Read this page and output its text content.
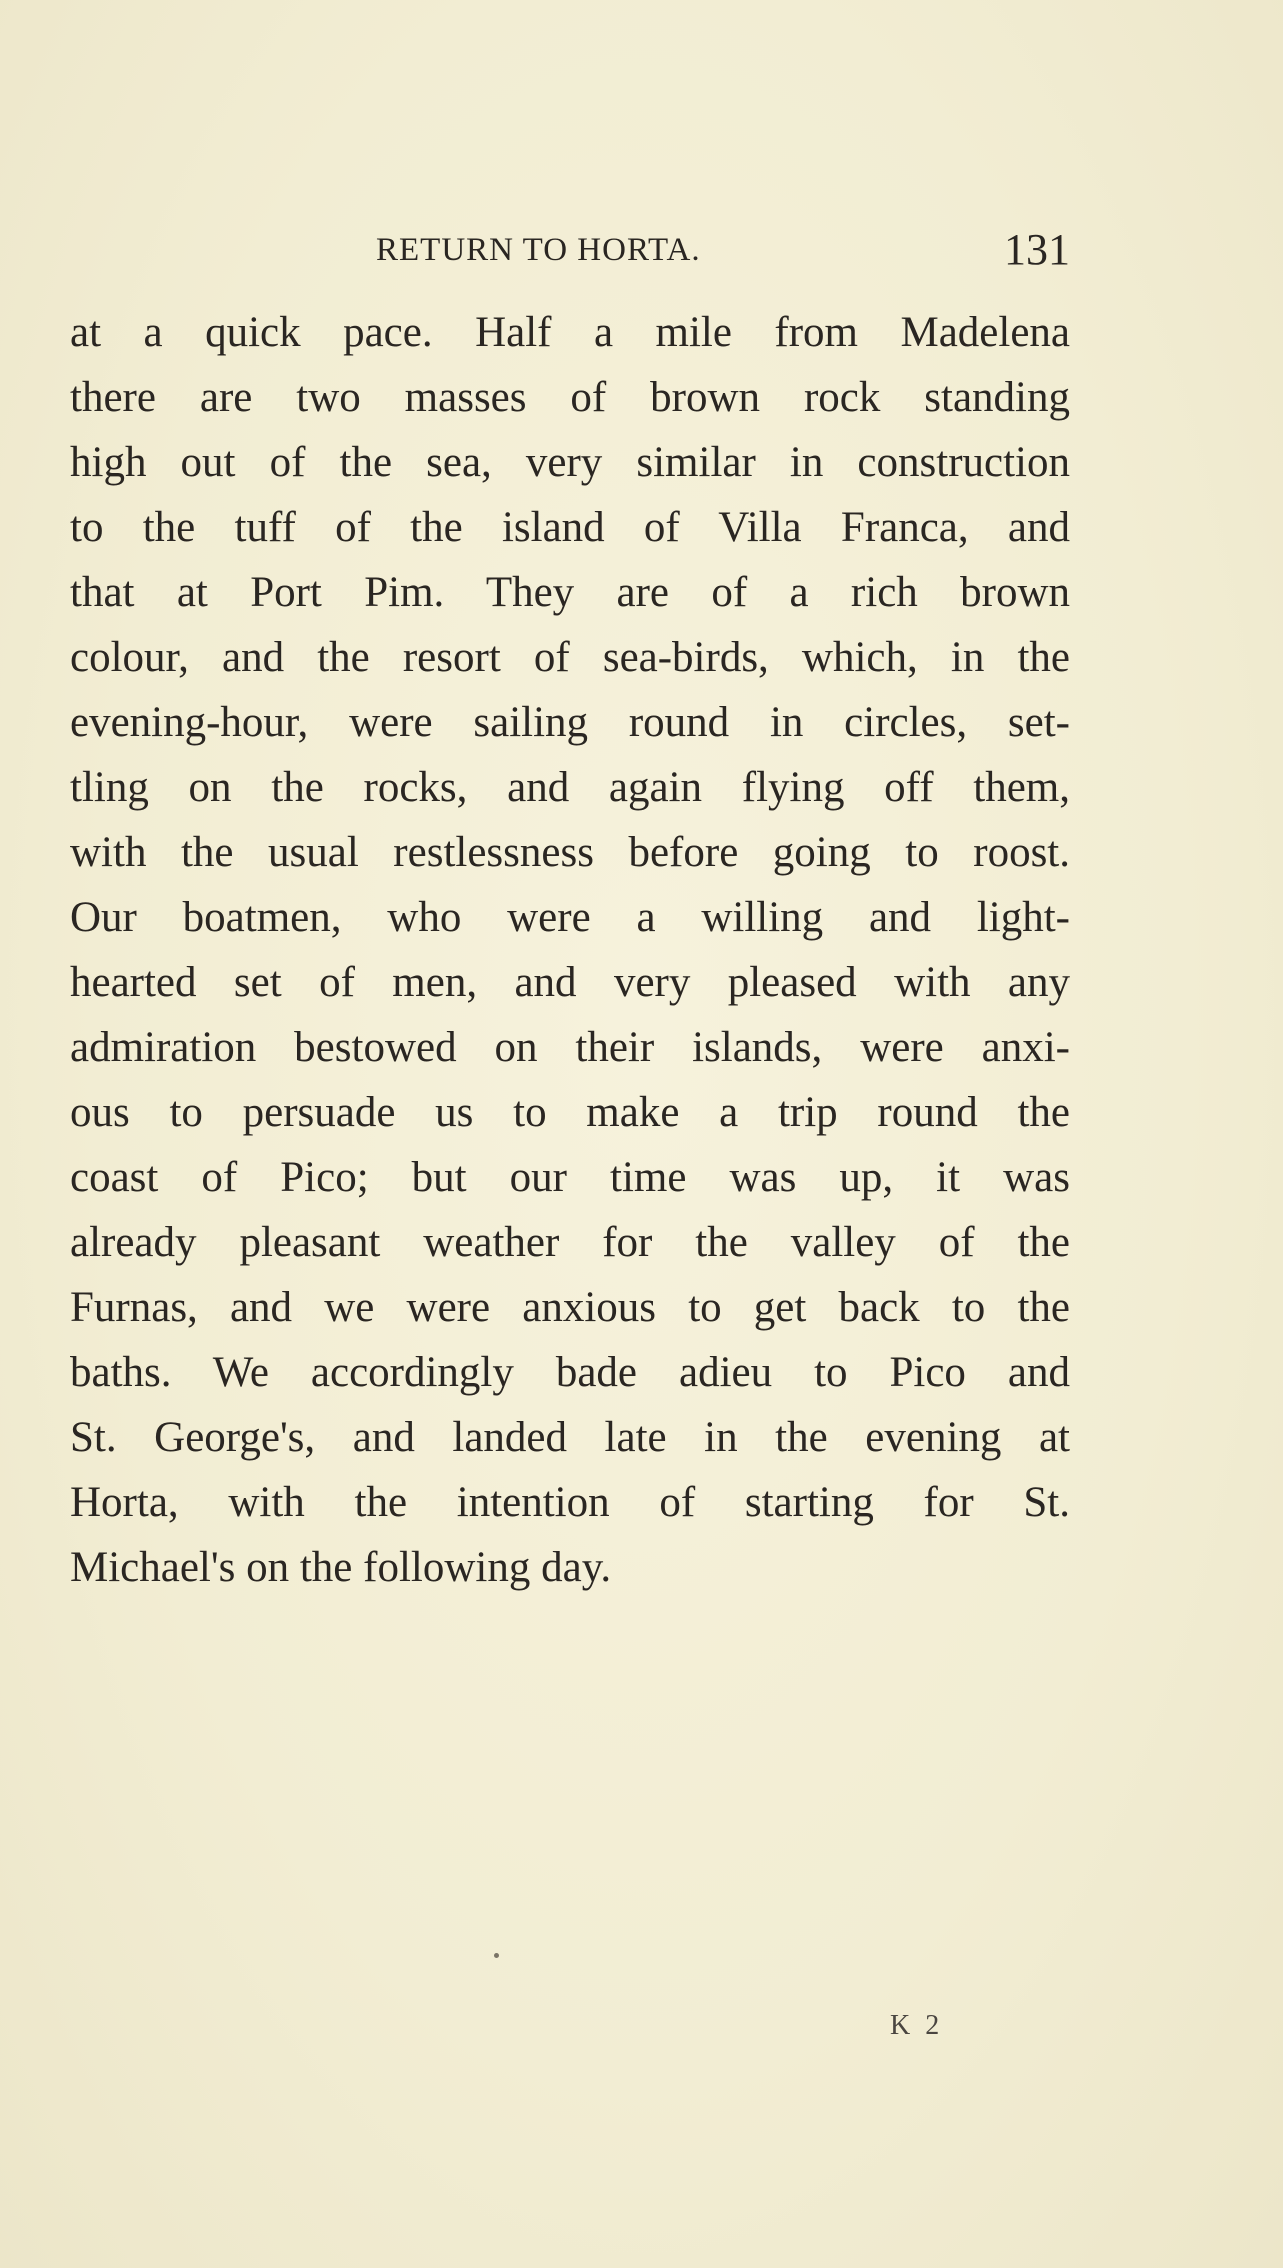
RETURN TO HORTA.	131
at a quick pace. Half a mile from Madelena
there are two masses of brown rock standing
high out of the sea, very similar in construction
to the tuff of the island of Villa Franca, and
that at Port Pim. They are of a rich brown
colour, and the resort of sea-birds, which, in the
evening-hour, were sailing round in circles, set-
tling on the rocks, and again flying off them,
with the usual restlessness before going to roost.
Our boatmen, who were a willing and light-
hearted set of men, and very pleased with any
admiration bestowed on their islands, were anxi-
ous to persuade us to make a trip round the
coast of Pico; but our time was up, it was
already pleasant weather for the valley of the
Furnas, and we were anxious to get back to the
baths. We accordingly bade adieu to Pico and
St. George's, and landed late in the evening at
Horta, with the intention of starting for St.
Michael's on the following day.
K 2
